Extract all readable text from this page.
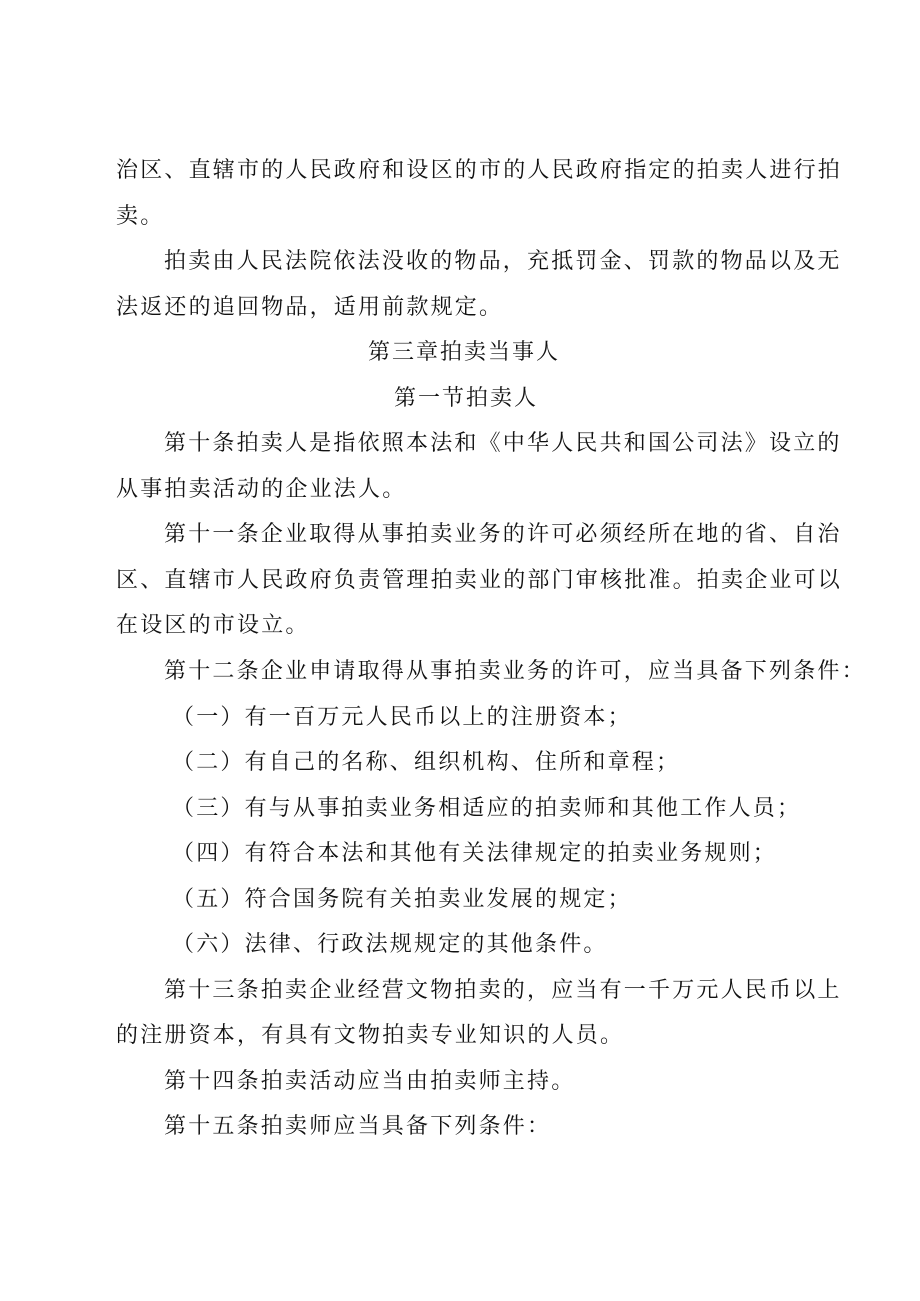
治区、直辖市的人民政府和设区的市的人民政府指定的拍卖人进行拍
卖。
拍卖由人民法院依法没收的物品，充抵罚金、罚款的物品以及无
法返还的追回物品，适用前款规定。
第三章拍卖当事人
第一节拍卖人
第十条拍卖人是指依照本法和《中华人民共和国公司法》设立的
从事拍卖活动的企业法人。
第十一条企业取得从事拍卖业务的许可必须经所在地的省、自治
区、直辖市人民政府负责管理拍卖业的部门审核批准。拍卖企业可以
在设区的市设立。
第十二条企业申请取得从事拍卖业务的许可，应当具备下列条件：
（一）有一百万元人民币以上的注册资本；
（二）有自己的名称、组织机构、住所和章程；
（三）有与从事拍卖业务相适应的拍卖师和其他工作人员；
（四）有符合本法和其他有关法律规定的拍卖业务规则；
（五）符合国务院有关拍卖业发展的规定；
（六）法律、行政法规规定的其他条件。
第十三条拍卖企业经营文物拍卖的，应当有一千万元人民币以上
的注册资本，有具有文物拍卖专业知识的人员。
第十四条拍卖活动应当由拍卖师主持。
第十五条拍卖师应当具备下列条件：
